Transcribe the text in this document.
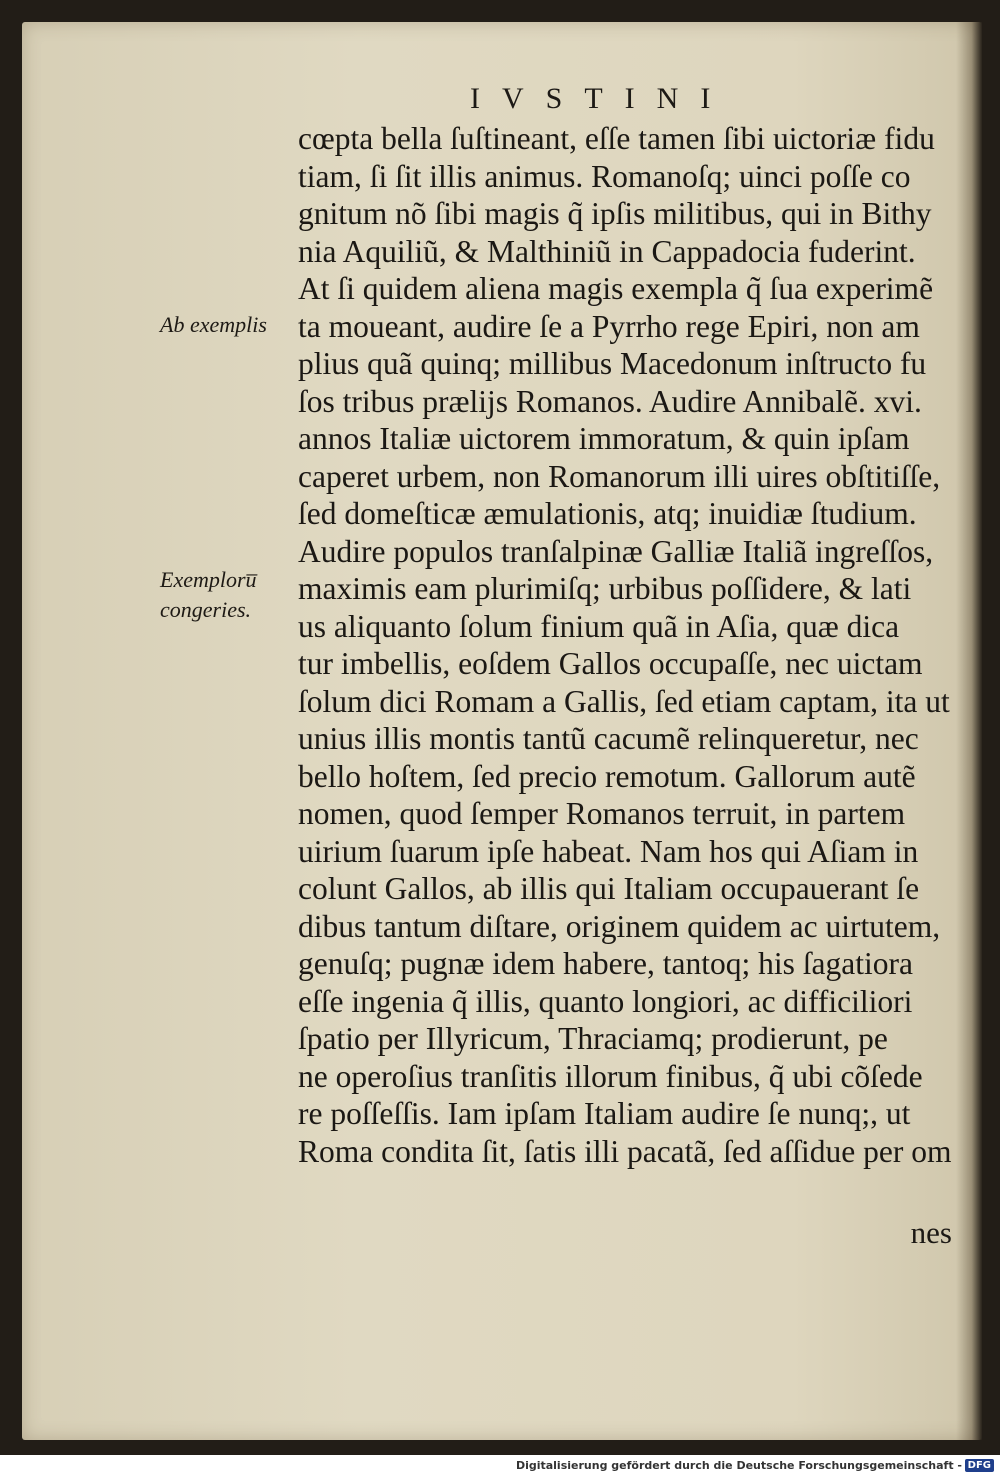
IVSTINI
cœpta bella ſuſtineant, eſſe tamen ſibi uictoriæ fidu
tiam, ſi ſit illis animus. Romanoſq; uinci poſſe co
gnitum nõ ſibi magis q̃ ipſis militibus, qui in Bithy
nia Aquiliũ, & Malthiniũ in Cappadocia fuderint.
At ſi quidem aliena magis exempla q̃ ſua experimẽ
ta moueant, audire ſe a Pyrrho rege Epiri, non am
plius quã quinq; millibus Macedonum inſtructo fu
ſos tribus prælijs Romanos. Audire Annibalẽ. xvi.
annos Italiæ uictorem immoratum, & quin ipſam
caperet urbem, non Romanorum illi uires obſtitiſſe,
ſed domeſticæ æmulationis, atq; inuidiæ ſtudium.
Audire populos tranſalpinæ Galliæ Italiã ingreſſos,
maximis eam plurimiſq; urbibus poſſidere, & lati
us aliquanto ſolum finium quã in Aſia, quæ dica
tur imbellis, eoſdem Gallos occupaſſe, nec uictam
ſolum dici Romam a Gallis, ſed etiam captam, ita ut
unius illis montis tantũ cacumẽ relinqueretur, nec
bello hoſtem, ſed precio remotum. Gallorum autẽ
nomen, quod ſemper Romanos terruit, in partem
uirium ſuarum ipſe habeat. Nam hos qui Aſiam in
colunt Gallos, ab illis qui Italiam occupauerant ſe
dibus tantum diſtare, originem quidem ac uirtutem,
genuſq; pugnæ idem habere, tantoq; his ſagatiora
eſſe ingenia q̃ illis, quanto longiori, ac difficiliori
ſpatio per Illyricum, Thraciamq; prodierunt, pe
ne operoſius tranſitis illorum finibus, q̃ ubi cõſede
re poſſeſſis. Iam ipſam Italiam audire ſe nunq;, ut
Roma condita ſit, ſatis illi pacatã, ſed aſſidue per om
Ab exemplis
Exemploru̅
congeries.
nes
Digitalisierung gefördert durch die Deutsche Forschungsgemeinschaft - DFG
